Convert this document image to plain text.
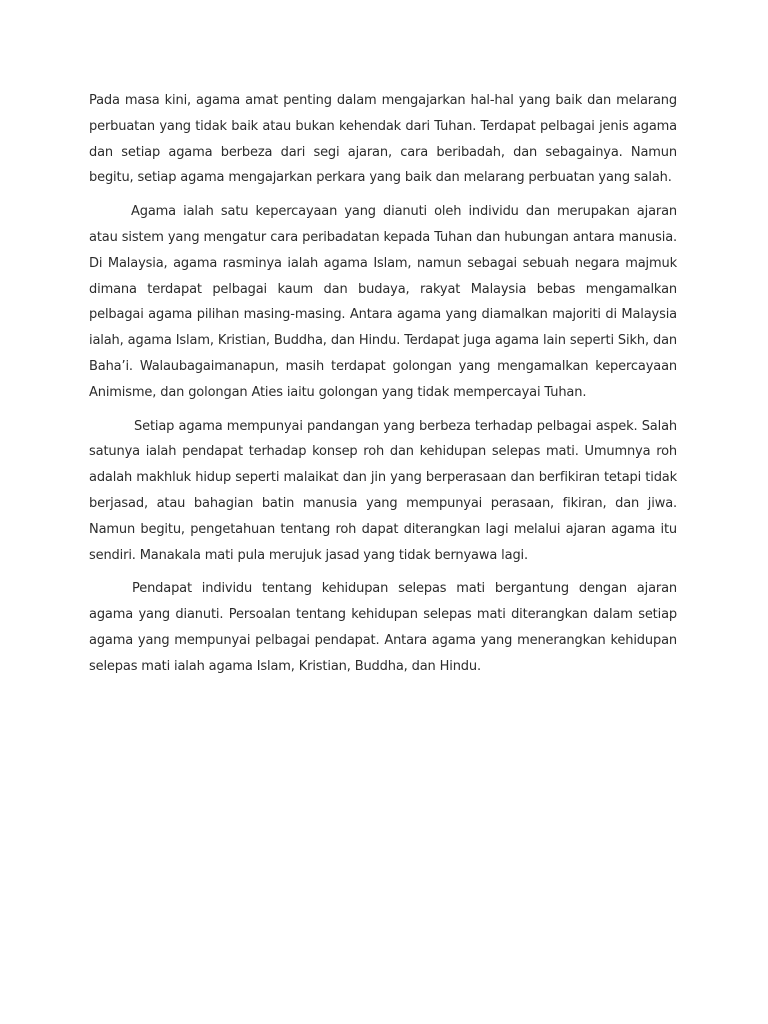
Pada masa kini, agama amat penting dalam mengajarkan hal-hal yang baik dan melarang perbuatan yang tidak baik atau bukan kehendak dari Tuhan. Terdapat pelbagai jenis agama dan setiap agama berbeza dari segi ajaran, cara beribadah, dan sebagainya. Namun begitu, setiap agama mengajarkan perkara yang baik dan melarang perbuatan yang salah.

Agama ialah satu kepercayaan yang dianuti oleh individu dan merupakan ajaran atau sistem yang mengatur cara peribadatan kepada Tuhan dan hubungan antara manusia. Di Malaysia, agama rasminya ialah agama Islam, namun sebagai sebuah negara majmuk dimana terdapat pelbagai kaum dan budaya, rakyat Malaysia bebas mengamalkan pelbagai agama pilihan masing-masing. Antara agama yang diamalkan majoriti di Malaysia ialah, agama Islam, Kristian, Buddha, dan Hindu. Terdapat juga agama lain seperti Sikh, dan Baha’i. Walaubagaimanapun, masih terdapat golongan yang mengamalkan kepercayaan Animisme, dan golongan Aties iaitu golongan yang tidak mempercayai Tuhan.

Setiap agama mempunyai pandangan yang berbeza terhadap pelbagai aspek. Salah satunya ialah pendapat terhadap konsep roh dan kehidupan selepas mati. Umumnya roh adalah makhluk hidup seperti malaikat dan jin yang berperasaan dan berfikiran tetapi tidak berjasad, atau bahagian batin manusia yang mempunyai perasaan, fikiran, dan jiwa. Namun begitu, pengetahuan tentang roh dapat diterangkan lagi melalui ajaran agama itu sendiri. Manakala mati pula merujuk jasad yang tidak bernyawa lagi.

Pendapat individu tentang kehidupan selepas mati bergantung dengan ajaran agama yang dianuti. Persoalan tentang kehidupan selepas mati diterangkan dalam setiap agama yang mempunyai pelbagai pendapat. Antara agama yang menerangkan kehidupan selepas mati ialah agama Islam, Kristian, Buddha, dan Hindu.
